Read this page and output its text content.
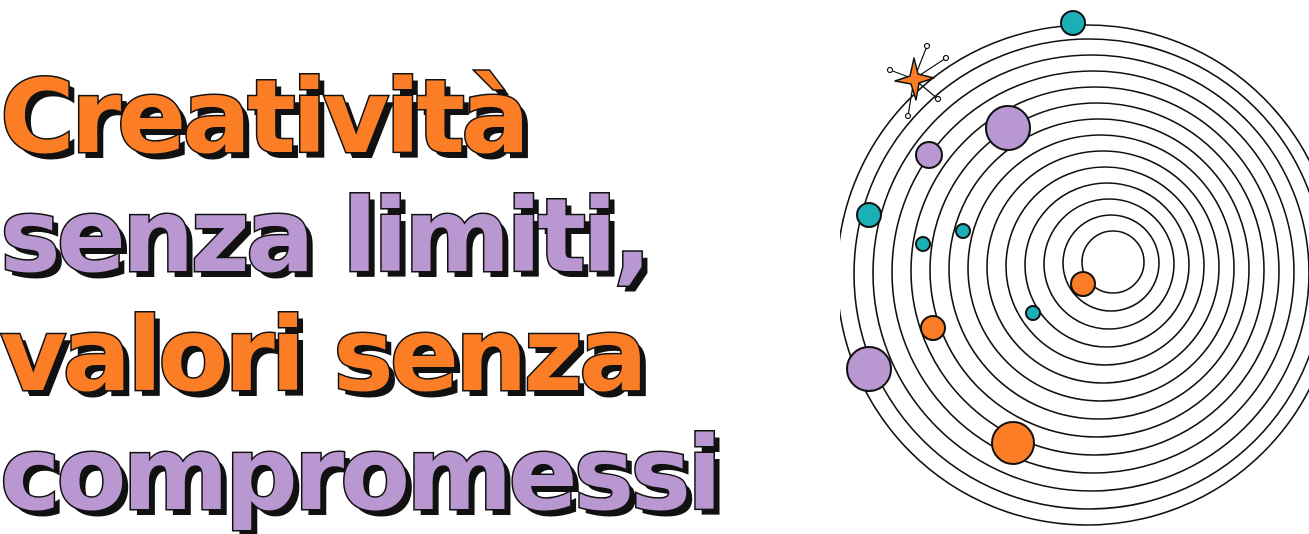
Creatività
senza limiti,
valori senza
compromessi
